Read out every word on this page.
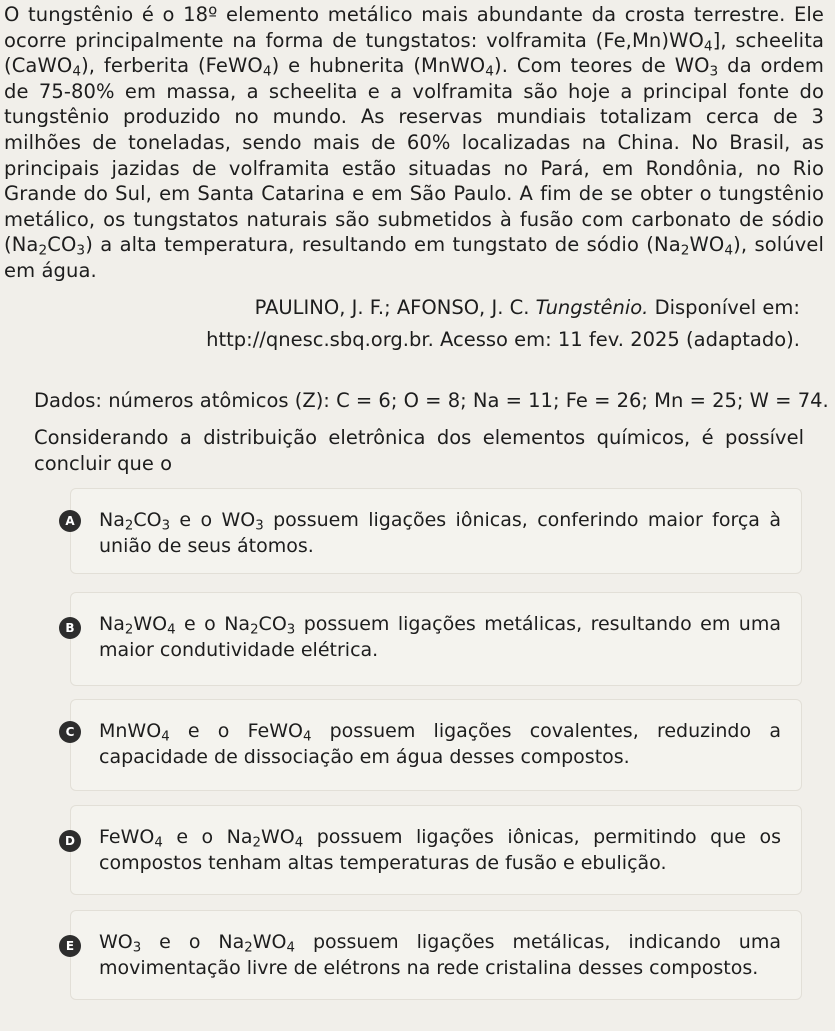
O tungstênio é o 18º elemento metálico mais abundante da crosta terrestre. Ele ocorre principalmente na forma de tungstatos: volframita $(Fe,Mn)WO_4$], scheelita (CaWO$_4$), ferberita (FeWO$_4$) e hubnerita (MnWO$_4$). Com teores de $WO_3$ da ordem de 75-80% em massa, a scheelita e a volframita são hoje a principal fonte do tungstênio produzido no mundo. As reservas mundiais totalizam cerca de 3 milhões de toneladas, sendo mais de 60% localizadas na China. No Brasil, as principais jazidas de volframita estão situadas no Pará, em Rondônia, no Rio Grande do Sul, em Santa Catarina e em São Paulo. A fim de se obter o tungstênio metálico, os tungstatos naturais são submetidos à fusão com carbonato de sódio $(Na_2CO_3)$ a alta temperatura, resultando em tungstato de sódio $(Na_2WO_4)$, solúvel em água.

PAULINO, J. F.; AFONSO, J. C. Tungstênio. Disponível em:
http://qnesc.sbq.org.br. Acesso em: 11 fev. 2025 (adaptado).
Dados: números atômicos (Z): C = 6; O = 8; Na = 11; Fe = 26; Mn = 25; W = 74.
Considerando a distribuição eletrônica dos elementos químicos, é possível concluir que o
A	$Na_2CO_3$ e o $WO_3$ possuem ligações iônicas, conferindo maior força à união de seus átomos.
B	$Na_2WO_4$ e o $Na_2CO_3$ possuem ligações metálicas, resultando em uma maior condutividade elétrica.
C	MnWO$_4$ e o FeWO$_4$ possuem ligações covalentes, reduzindo a capacidade de dissociação em água desses compostos.
D	FeWO$_4$ e o $Na_2WO_4$ possuem ligações iônicas, permitindo que os compostos tenham altas temperaturas de fusão e ebulição.
E	$WO_3$ e o $Na_2WO_4$ possuem ligações metálicas, indicando uma movimentação livre de elétrons na rede cristalina desses compostos.
